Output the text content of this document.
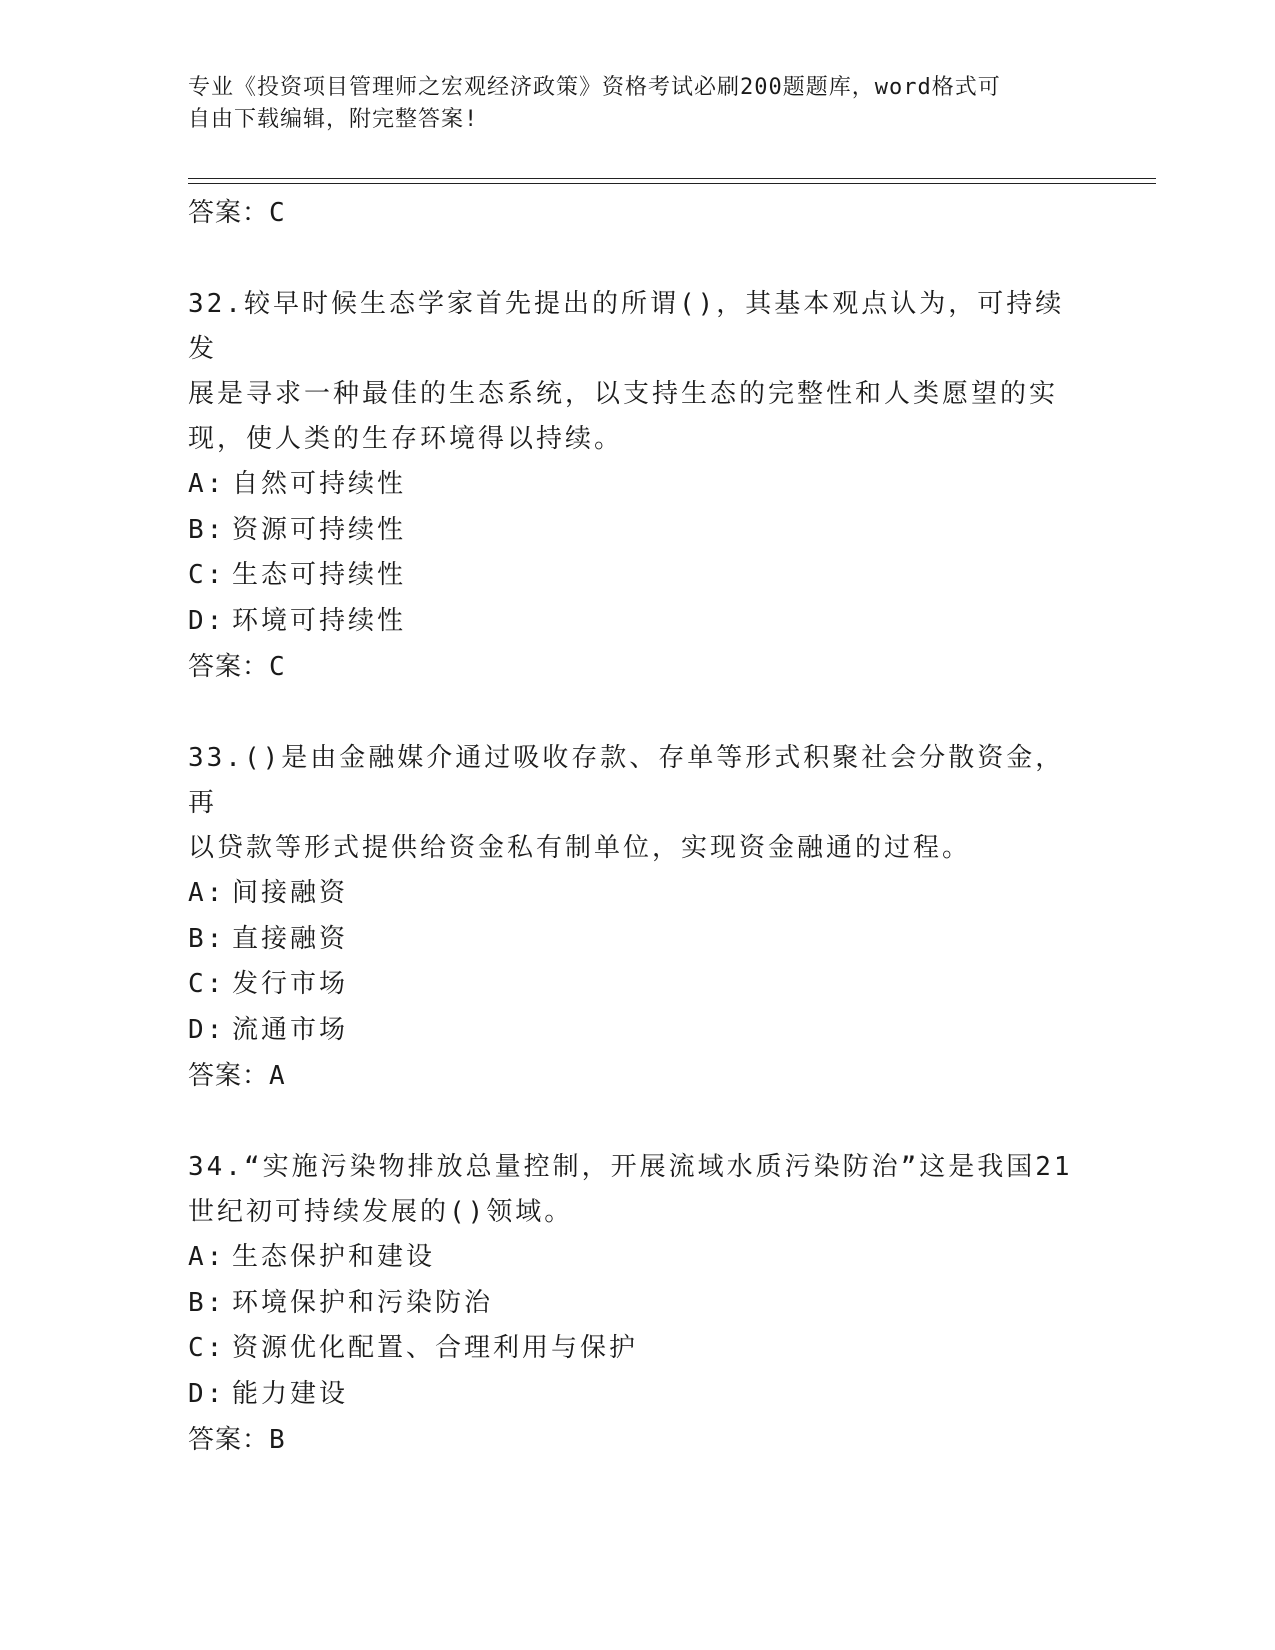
专业《投资项目管理师之宏观经济政策》资格考试必刷200题题库，word格式可
自由下载编辑，附完整答案!
答案：C
32.较早时候生态学家首先提出的所谓()，其基本观点认为，可持续发
展是寻求一种最佳的生态系统，以支持生态的完整性和人类愿望的实
现，使人类的生存环境得以持续。
A: 自然可持续性
B: 资源可持续性
C: 生态可持续性
D: 环境可持续性
答案：C
33.()是由金融媒介通过吸收存款、存单等形式积聚社会分散资金，再
以贷款等形式提供给资金私有制单位，实现资金融通的过程。
A: 间接融资
B: 直接融资
C: 发行市场
D: 流通市场
答案：A
34.“实施污染物排放总量控制，开展流域水质污染防治”这是我国21
世纪初可持续发展的()领域。
A: 生态保护和建设
B: 环境保护和污染防治
C: 资源优化配置、合理利用与保护
D: 能力建设
答案：B
